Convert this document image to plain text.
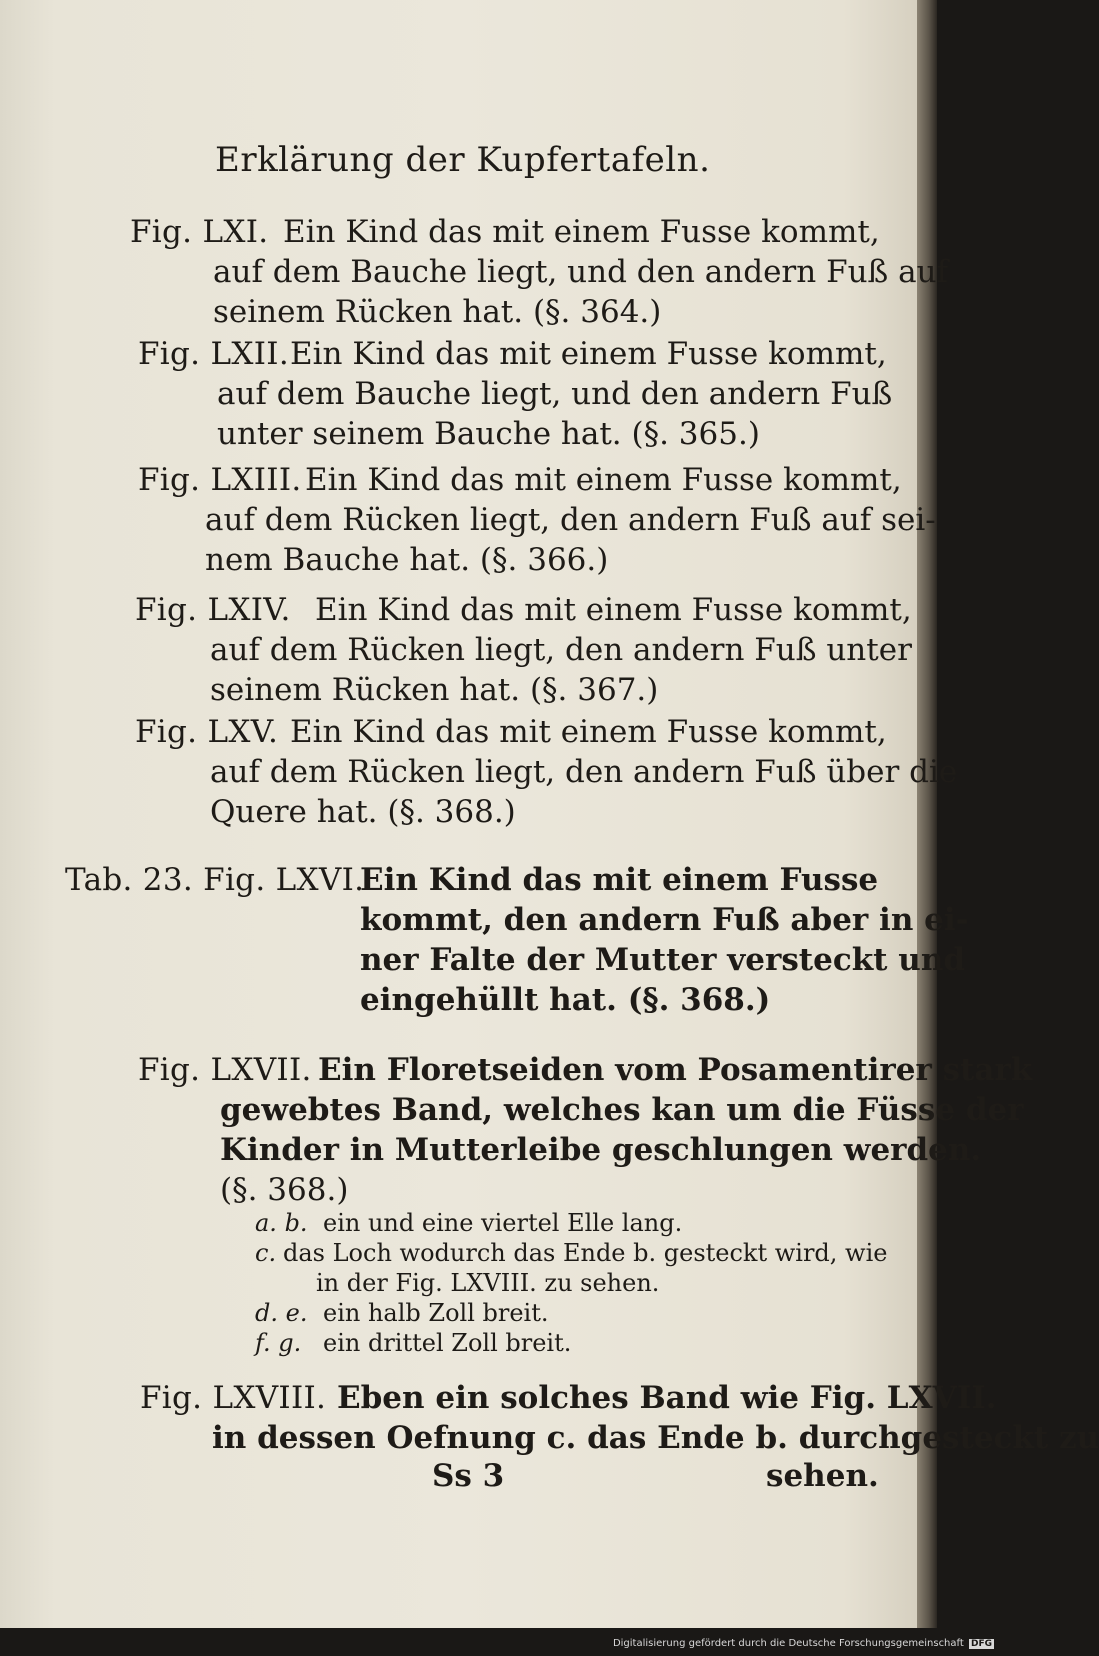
Erklärung der Kupfertafeln.
Fig. LXI. Ein Kind das mit einem Fusse kommt,
auf dem Bauche liegt, und den andern Fuß auf
seinem Rücken hat. (§. 364.)
Fig. LXII. Ein Kind das mit einem Fusse kommt,
auf dem Bauche liegt, und den andern Fuß
unter seinem Bauche hat. (§. 365.)
Fig. LXIII. Ein Kind das mit einem Fusse kommt,
auf dem Rücken liegt, den andern Fuß auf sei-
nem Bauche hat. (§. 366.)
Fig. LXIV. Ein Kind das mit einem Fusse kommt,
auf dem Rücken liegt, den andern Fuß unter
seinem Rücken hat. (§. 367.)
Fig. LXV. Ein Kind das mit einem Fusse kommt,
auf dem Rücken liegt, den andern Fuß über die
Quere hat. (§. 368.)
Tab. 23. Fig. LXVI.
Ein Kind das mit einem Fusse
kommt, den andern Fuß aber in ei-
ner Falte der Mutter versteckt und
eingehüllt hat. (§. 368.)
Fig. LXVII. Ein Floretseiden vom Posamentirer stark
gewebtes Band, welches kan um die Füsse der
Kinder in Mutterleibe geschlungen werden.
(§. 368.)
a. b. ein und eine viertel Elle lang.
c. das Loch wodurch das Ende b. gesteckt wird, wie
in der Fig. LXVIII. zu sehen.
d. e. ein halb Zoll breit.
f. g. ein drittel Zoll breit.
Fig. LXVIII. Eben ein solches Band wie Fig. LXVII.
in dessen Oefnung c. das Ende b. durchgesteckt zu
Ss 3	sehen.
Digitalisierung gefördert durch die Deutsche Forschungsgemeinschaft DFG
